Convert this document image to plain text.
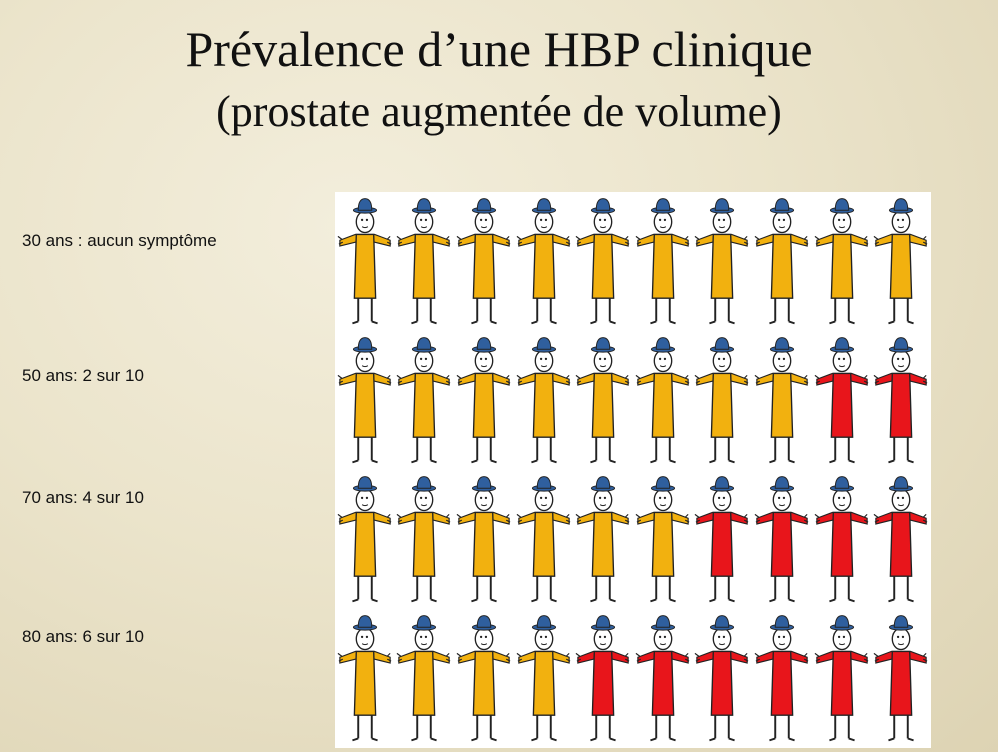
Prévalence d’une HBP clinique
(prostate augmentée de volume)
30 ans : aucun symptôme
50 ans: 2 sur 10
70 ans: 4 sur 10
80 ans: 6 sur 10
